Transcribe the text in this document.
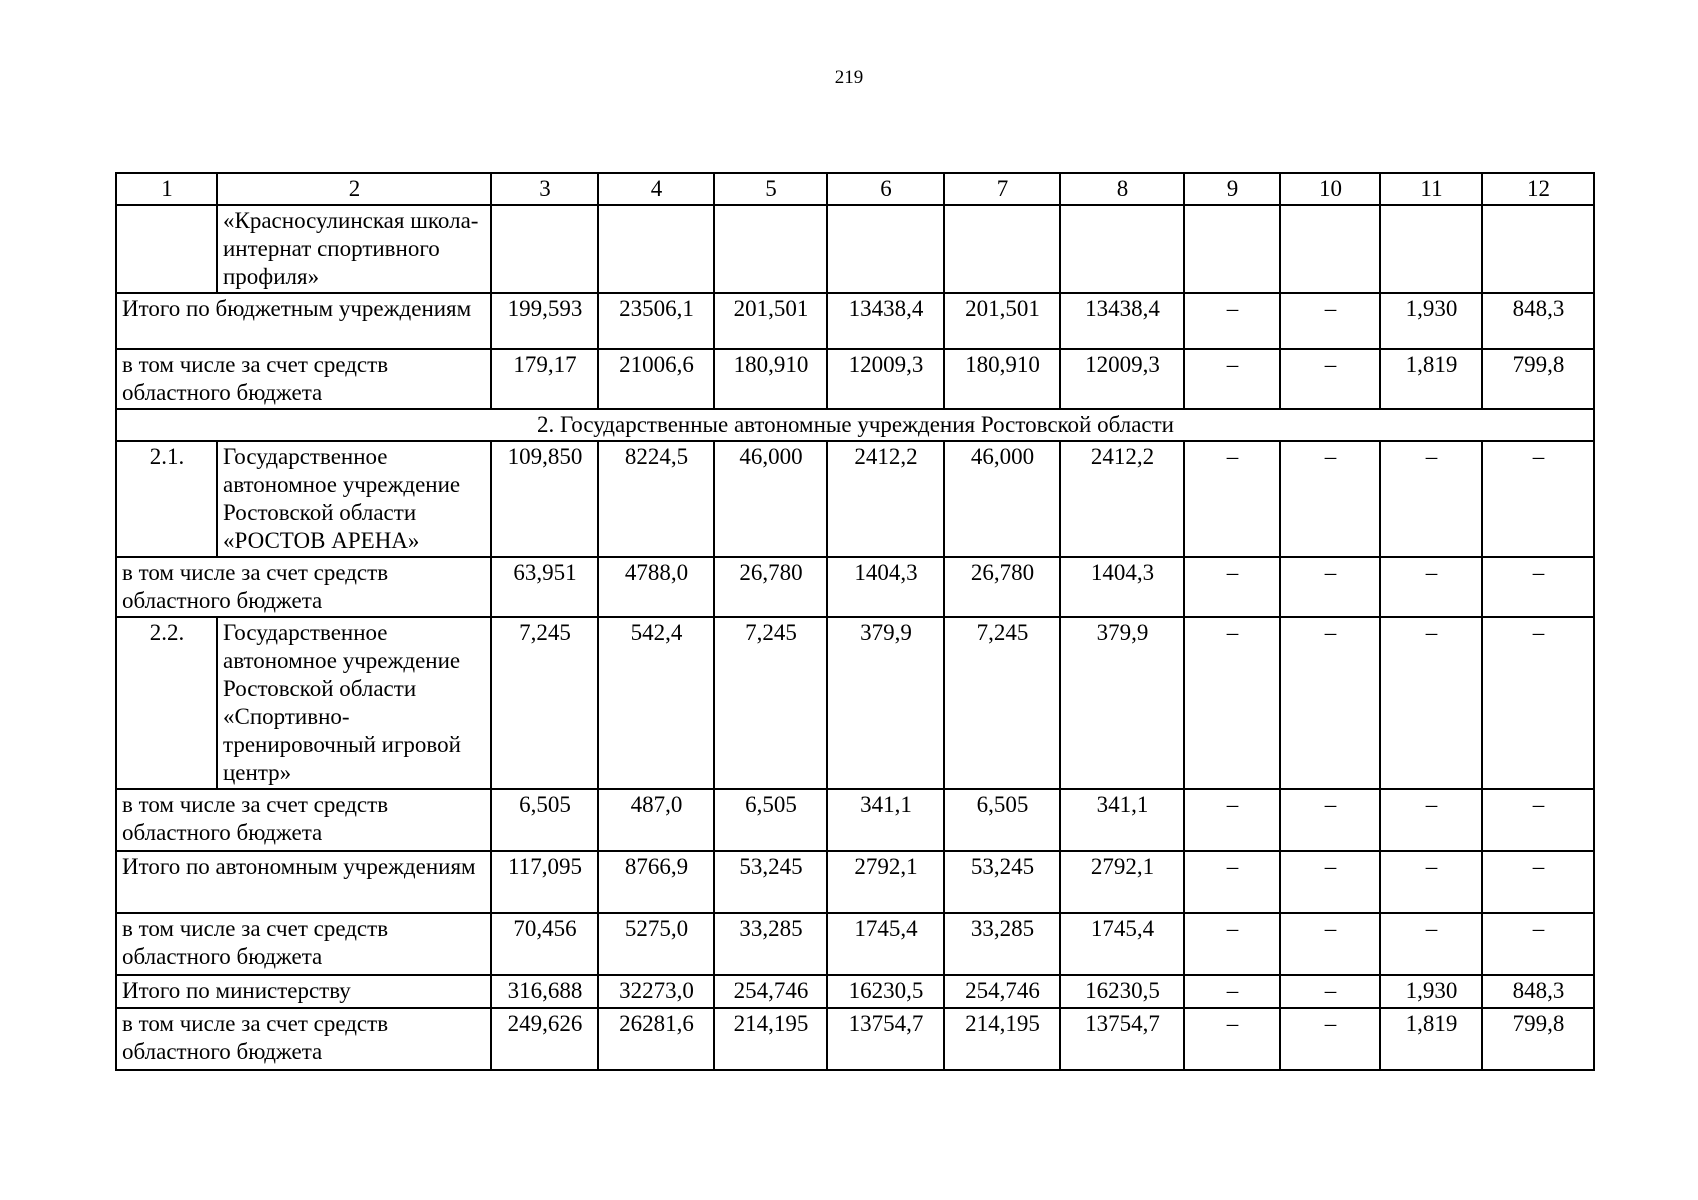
219
1	2	3	4	5	6	7	8	9	10	11	12
	«Красносулинская школа-интернат спортивного профиля»										
Итого по бюджетным учреждениям		199,593	23506,1	201,501	13438,4	201,501	13438,4	–	–	1,930	848,3
в том числе за счет средств областного бюджета		179,17	21006,6	180,910	12009,3	180,910	12009,3	–	–	1,819	799,8
2. Государственные автономные учреждения Ростовской области											
2.1.	Государственное автономное учреждение Ростовской области «РОСТОВ АРЕНА»	109,850	8224,5	46,000	2412,2	46,000	2412,2	–	–	–	–
в том числе за счет средств областного бюджета		63,951	4788,0	26,780	1404,3	26,780	1404,3	–	–	–	–
2.2.	Государственное автономное учреждение Ростовской области «Спортивно-тренировочный игровой центр»	7,245	542,4	7,245	379,9	7,245	379,9	–	–	–	–
в том числе за счет средств областного бюджета		6,505	487,0	6,505	341,1	6,505	341,1	–	–	–	–
Итого по автономным учреждениям		117,095	8766,9	53,245	2792,1	53,245	2792,1	–	–	–	–
в том числе за счет средств областного бюджета		70,456	5275,0	33,285	1745,4	33,285	1745,4	–	–	–	–
Итого по министерству		316,688	32273,0	254,746	16230,5	254,746	16230,5	–	–	1,930	848,3
в том числе за счет средств областного бюджета		249,626	26281,6	214,195	13754,7	214,195	13754,7	–	–	1,819	799,8
